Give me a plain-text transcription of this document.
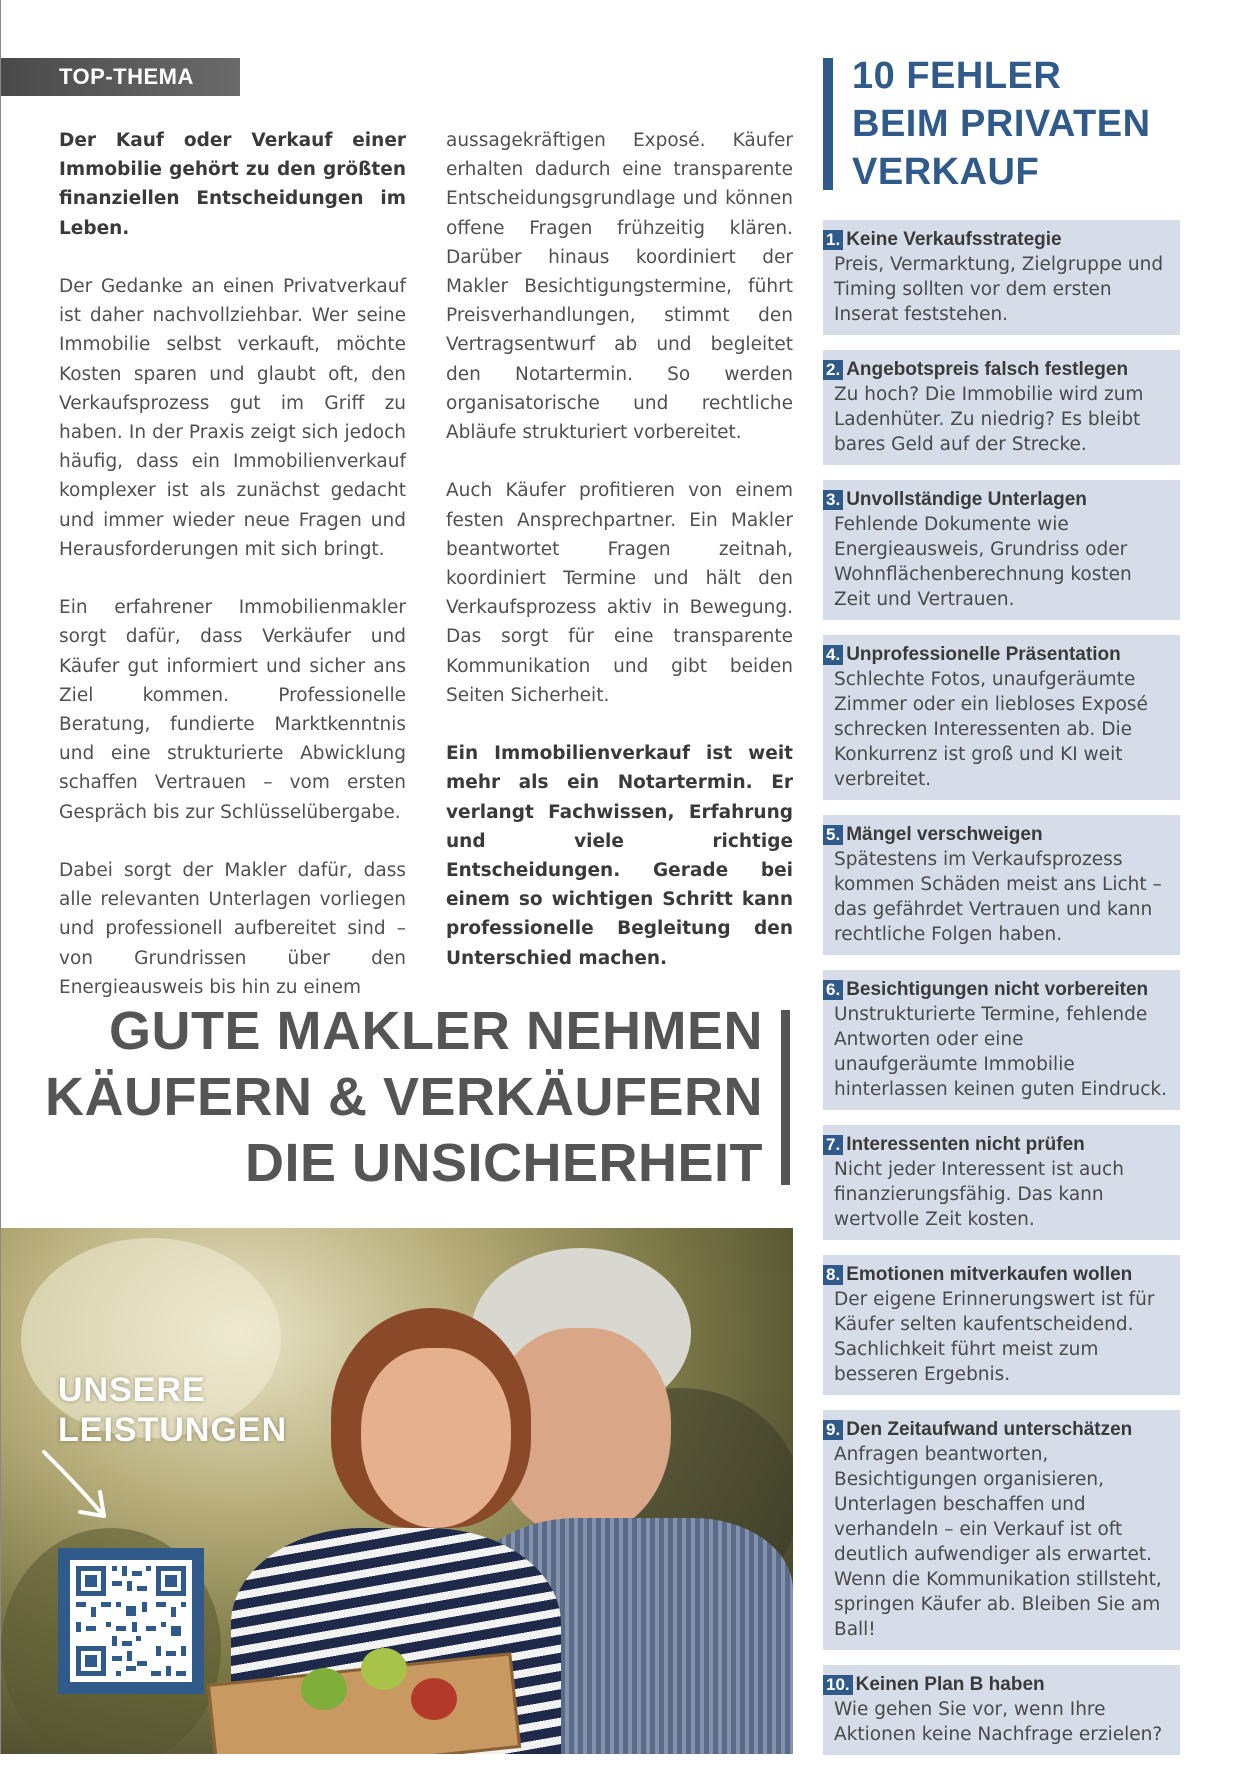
TOP-THEMA

Der Kauf oder Verkauf einer Immobilie gehört zu den größten finanziellen Entscheidungen im Leben.

Der Gedanke an einen Privatverkauf ist daher nachvollziehbar. Wer seine Immobilie selbst verkauft, möchte Kosten sparen und glaubt oft, den Verkaufsprozess gut im Griff zu haben. In der Praxis zeigt sich jedoch häufig, dass ein Immobilienverkauf komplexer ist als zunächst gedacht und immer wieder neue Fragen und Herausforderungen mit sich bringt.

Ein erfahrener Immobilienmakler sorgt dafür, dass Verkäufer und Käufer gut informiert und sicher ans Ziel kommen. Professionelle Beratung, fundierte Marktkenntnis und eine strukturierte Abwicklung schaffen Vertrauen – vom ersten Gespräch bis zur Schlüsselübergabe.

Dabei sorgt der Makler dafür, dass alle relevanten Unterlagen vorliegen und professionell aufbereitet sind – von Grundrissen über den Energieausweis bis hin zu einem

aussagekräftigen Exposé. Käufer erhalten dadurch eine transparente Entscheidungsgrundlage und können offene Fragen frühzeitig klären. Darüber hinaus koordiniert der Makler Besichtigungstermine, führt Preisverhandlungen, stimmt den Vertragsentwurf ab und begleitet den Notartermin. So werden organisatorische und rechtliche Abläufe strukturiert vorbereitet.

Auch Käufer profitieren von einem festen Ansprechpartner. Ein Makler beantwortet Fragen zeitnah, koordiniert Termine und hält den Verkaufsprozess aktiv in Bewegung. Das sorgt für eine transparente Kommunikation und gibt beiden Seiten Sicherheit.

Ein Immobilienverkauf ist weit mehr als ein Notartermin. Er verlangt Fachwissen, Erfahrung und viele richtige Entscheidungen. Gerade bei einem so wichtigen Schritt kann professionelle Begleitung den Unterschied machen.

GUTE MAKLER NEHMEN
KÄUFERN & VERKÄUFERN
DIE UNSICHERHEIT
UNSERE
LEISTUNGEN
10 FEHLER
BEIM PRIVATEN
VERKAUF
1. Keine Verkaufsstrategie
Preis, Vermarktung, Zielgruppe und Timing sollten vor dem ersten Inserat feststehen.
2. Angebotspreis falsch festlegen
Zu hoch? Die Immobilie wird zum Ladenhüter. Zu niedrig? Es bleibt bares Geld auf der Strecke.
3. Unvollständige Unterlagen
Fehlende Dokumente wie Energieausweis, Grundriss oder Wohnflächenberechnung kosten Zeit und Vertrauen.
4. Unprofessionelle Präsentation
Schlechte Fotos, unaufgeräumte Zimmer oder ein liebloses Exposé schrecken Interessenten ab. Die Konkurrenz ist groß und KI weit verbreitet.
5. Mängel verschweigen
Spätestens im Verkaufsprozess kommen Schäden meist ans Licht – das gefährdet Vertrauen und kann rechtliche Folgen haben.
6. Besichtigungen nicht vorbereiten
Unstrukturierte Termine, fehlende Antworten oder eine unaufgeräumte Immobilie hinterlassen keinen guten Eindruck.
7. Interessenten nicht prüfen
Nicht jeder Interessent ist auch finanzierungsfähig. Das kann wertvolle Zeit kosten.
8. Emotionen mitverkaufen wollen
Der eigene Erinnerungswert ist für Käufer selten kaufentscheidend. Sachlichkeit führt meist zum besseren Ergebnis.
9. Den Zeitaufwand unterschätzen
Anfragen beantworten, Besichtigungen organisieren, Unterlagen beschaffen und verhandeln – ein Verkauf ist oft deutlich aufwendiger als erwartet. Wenn die Kommunikation stillsteht, springen Käufer ab. Bleiben Sie am Ball!
10. Keinen Plan B haben
Wie gehen Sie vor, wenn Ihre Aktionen keine Nachfrage erzielen?
